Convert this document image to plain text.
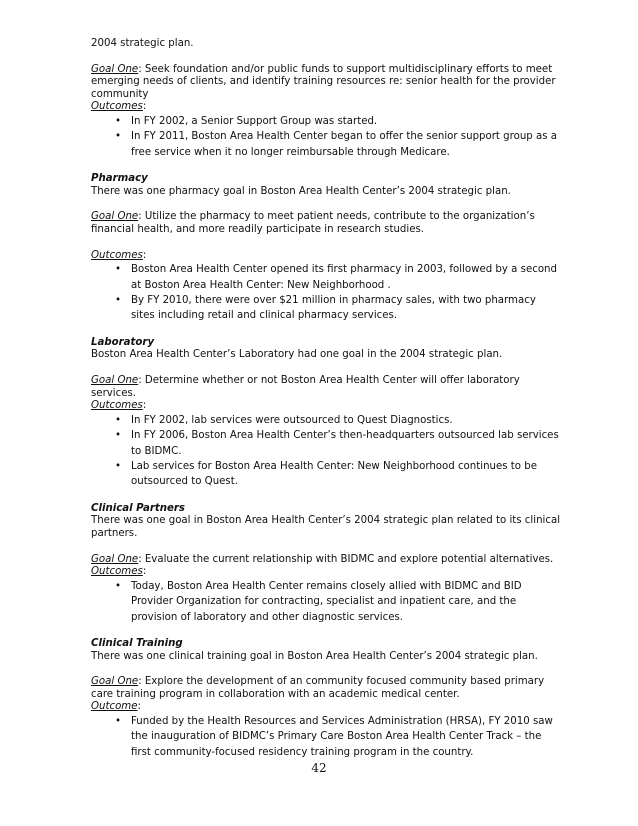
2004 strategic plan.

Goal One: Seek foundation and/or public funds to support multidisciplinary efforts to meet emerging needs of clients, and identify training resources re: senior health for the provider community

Outcomes:

• In FY 2002, a Senior Support Group was started.
• In FY 2011, Boston Area Health Center began to offer the senior support group as a free service when it no longer reimbursable through Medicare.

Pharmacy

There was one pharmacy goal in Boston Area Health Center’s 2004 strategic plan.

Goal One: Utilize the pharmacy to meet patient needs, contribute to the organization’s financial health, and more readily participate in research studies.

Outcomes:

• Boston Area Health Center opened its first pharmacy in 2003, followed by a second at Boston Area Health Center: New Neighborhood .
• By FY 2010, there were over $21 million in pharmacy sales, with two pharmacy sites including retail and clinical pharmacy services.

Laboratory

Boston Area Health Center’s Laboratory had one goal in the 2004 strategic plan.

Goal One: Determine whether or not Boston Area Health Center will offer laboratory services.

Outcomes:

• In FY 2002, lab services were outsourced to Quest Diagnostics.
• In FY 2006, Boston Area Health Center’s then-headquarters outsourced lab services to BIDMC.
• Lab services for Boston Area Health Center: New Neighborhood continues to be outsourced to Quest.

Clinical Partners

There was one goal in Boston Area Health Center’s 2004 strategic plan related to its clinical partners.

Goal One: Evaluate the current relationship with BIDMC and explore potential alternatives.

Outcomes:

• Today, Boston Area Health Center remains closely allied with BIDMC and BID Provider Organization for contracting, specialist and inpatient care, and the provision of laboratory and other diagnostic services.

Clinical Training

There was one clinical training goal in Boston Area Health Center’s 2004 strategic plan.

Goal One: Explore the development of an community focused community based primary care training program in collaboration with an academic medical center.

Outcome:

• Funded by the Health Resources and Services Administration (HRSA), FY 2010 saw the inauguration of BIDMC’s Primary Care Boston Area Health Center Track – the first community-focused residency training program in the country.
42
